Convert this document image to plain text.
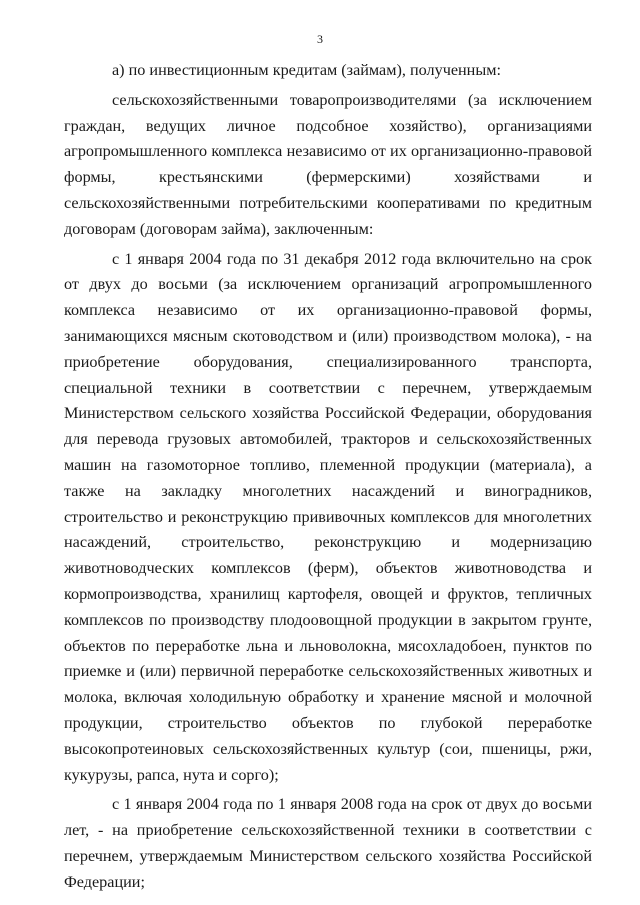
3

а) по инвестиционным кредитам (займам), полученным:

сельскохозяйственными товаропроизводителями (за исключением граждан, ведущих личное подсобное хозяйство), организациями агропромышленного комплекса независимо от их организационно-правовой формы, крестьянскими (фермерскими) хозяйствами и сельскохозяйственными потребительскими кооперативами по кредитным договорам (договорам займа), заключенным:

с 1 января 2004 года по 31 декабря 2012 года включительно на срок от двух до восьми (за исключением организаций агропромышленного комплекса независимо от их организационно-правовой формы, занимающихся мясным скотоводством и (или) производством молока), - на приобретение оборудования, специализированного транспорта, специальной техники в соответствии с перечнем, утверждаемым Министерством сельского хозяйства Российской Федерации, оборудования для перевода грузовых автомобилей, тракторов и сельскохозяйственных машин на газомоторное топливо, племенной продукции (материала), а также на закладку многолетних насаждений и виноградников, строительство и реконструкцию прививочных комплексов для многолетних насаждений, строительство, реконструкцию и модернизацию животноводческих комплексов (ферм), объектов животноводства и кормопроизводства, хранилищ картофеля, овощей и фруктов, тепличных комплексов по производству плодоовощной продукции в закрытом грунте, объектов по переработке льна и льноволокна, мясохладобоен, пунктов по приемке и (или) первичной переработке сельскохозяйственных животных и молока, включая холодильную обработку и хранение мясной и молочной продукции, строительство объектов по глубокой переработке высокопротеиновых сельскохозяйственных культур (сои, пшеницы, ржи, кукурузы, рапса, нута и сорго);

с 1 января 2004 года по 1 января 2008 года на срок от двух до восьми лет, - на приобретение сельскохозяйственной техники в соответствии с перечнем, утверждаемым Министерством сельского хозяйства Российской Федерации;
